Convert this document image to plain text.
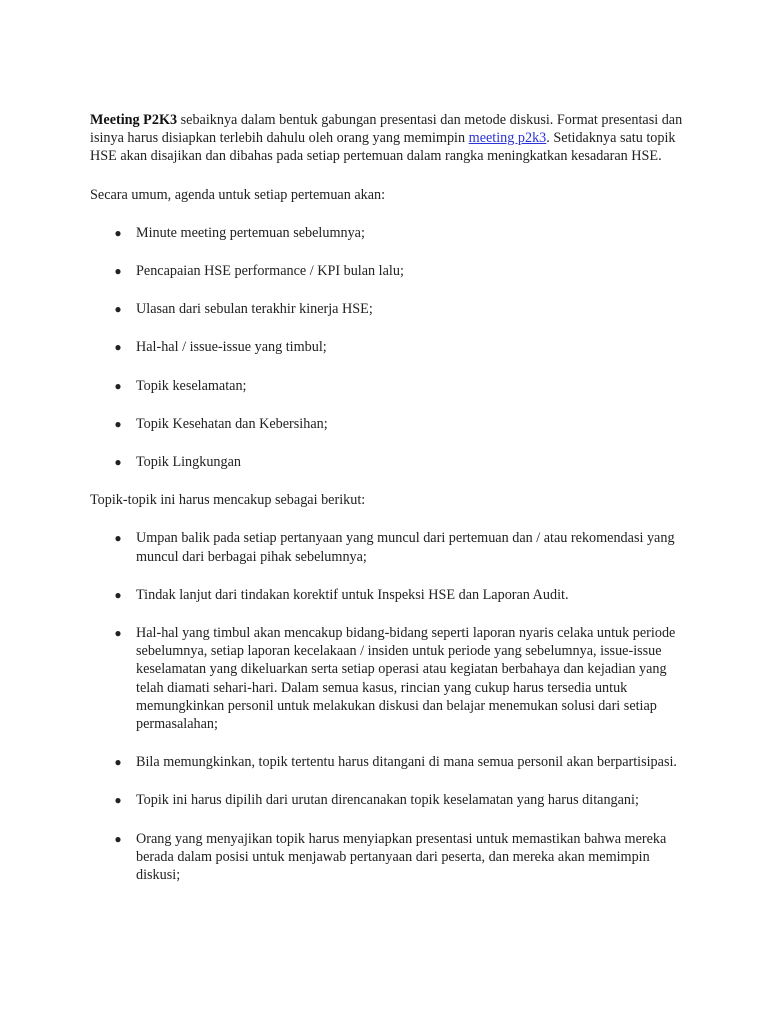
Meeting P2K3 sebaiknya dalam bentuk gabungan presentasi dan metode diskusi. Format presentasi dan isinya harus disiapkan terlebih dahulu oleh orang yang memimpin meeting p2k3. Setidaknya satu topik HSE akan disajikan dan dibahas pada setiap pertemuan dalam rangka meningkatkan kesadaran HSE.

Secara umum, agenda untuk setiap pertemuan akan:

● Minute meeting pertemuan sebelumnya;
● Pencapaian HSE performance / KPI bulan lalu;
● Ulasan dari sebulan terakhir kinerja HSE;
● Hal-hal / issue-issue yang timbul;
● Topik keselamatan;
● Topik Kesehatan dan Kebersihan;
● Topik Lingkungan

Topik-topik ini harus mencakup sebagai berikut:

● Umpan balik pada setiap pertanyaan yang muncul dari pertemuan dan / atau rekomendasi yang muncul dari berbagai pihak sebelumnya;
● Tindak lanjut dari tindakan korektif untuk Inspeksi HSE dan Laporan Audit.
● Hal-hal yang timbul akan mencakup bidang-bidang seperti laporan nyaris celaka untuk periode sebelumnya, setiap laporan kecelakaan / insiden untuk periode yang sebelumnya, issue-issue keselamatan yang dikeluarkan serta setiap operasi atau kegiatan berbahaya dan kejadian yang telah diamati sehari-hari. Dalam semua kasus, rincian yang cukup harus tersedia untuk memungkinkan personil untuk melakukan diskusi dan belajar menemukan solusi dari setiap permasalahan;
● Bila memungkinkan, topik tertentu harus ditangani di mana semua personil akan berpartisipasi.
● Topik ini harus dipilih dari urutan direncanakan topik keselamatan yang harus ditangani;
● Orang yang menyajikan topik harus menyiapkan presentasi untuk memastikan bahwa mereka berada dalam posisi untuk menjawab pertanyaan dari peserta, dan mereka akan memimpin diskusi;
